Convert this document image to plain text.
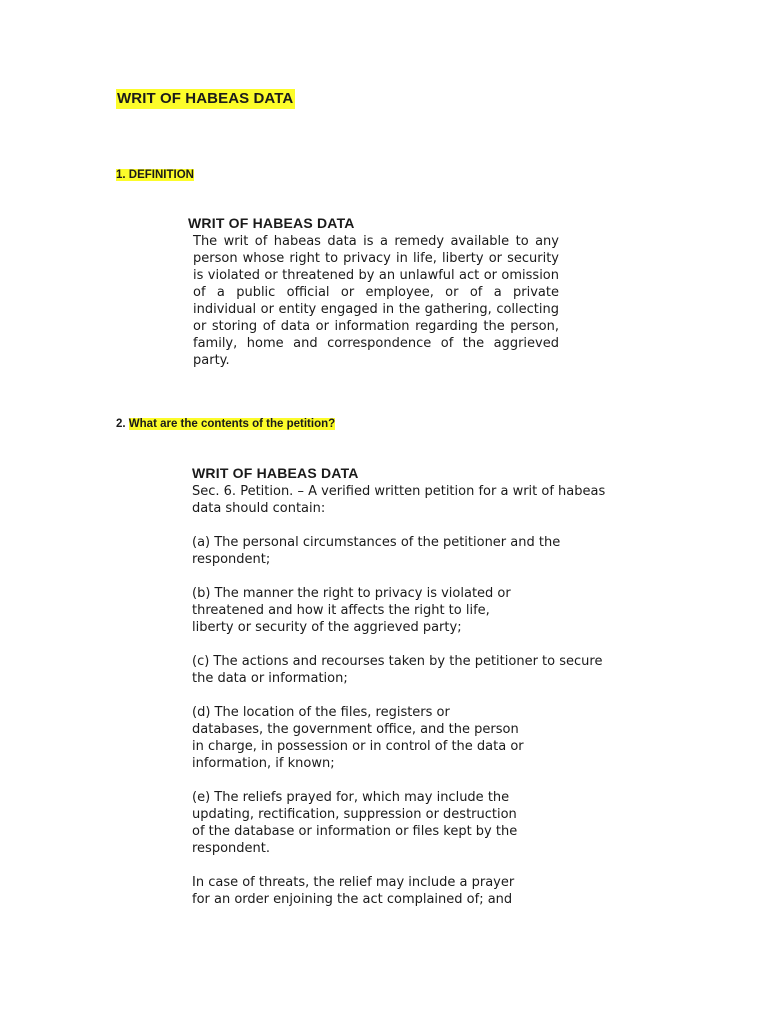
WRIT OF HABEAS DATA

1. DEFINITION

WRIT OF HABEAS DATA

The writ of habeas data is a remedy available to any person whose right to privacy in life, liberty or security is violated or threatened by an unlawful act or omission of a public official or employee, or of a private individual or entity engaged in the gathering, collecting or storing of data or information regarding the person, family, home and correspondence of the aggrieved party.

2. What are the contents of the petition?

WRIT OF HABEAS DATA

Sec. 6. Petition. – A verified written petition for a writ of habeas
data should contain:

(a) The personal circumstances of the petitioner and the
respondent;

(b) The manner the right to privacy is violated or
threatened and how it affects the right to life,
liberty or security of the aggrieved party;

(c) The actions and recourses taken by the petitioner to secure
the data or information;

(d) The location of the files, registers or
databases, the government office, and the person
in charge, in possession or in control of the data or
information, if known;

(e) The reliefs prayed for, which may include the
updating, rectification, suppression or destruction
of the database or information or files kept by the
respondent.

In case of threats, the relief may include a prayer
for an order enjoining the act complained of; and
